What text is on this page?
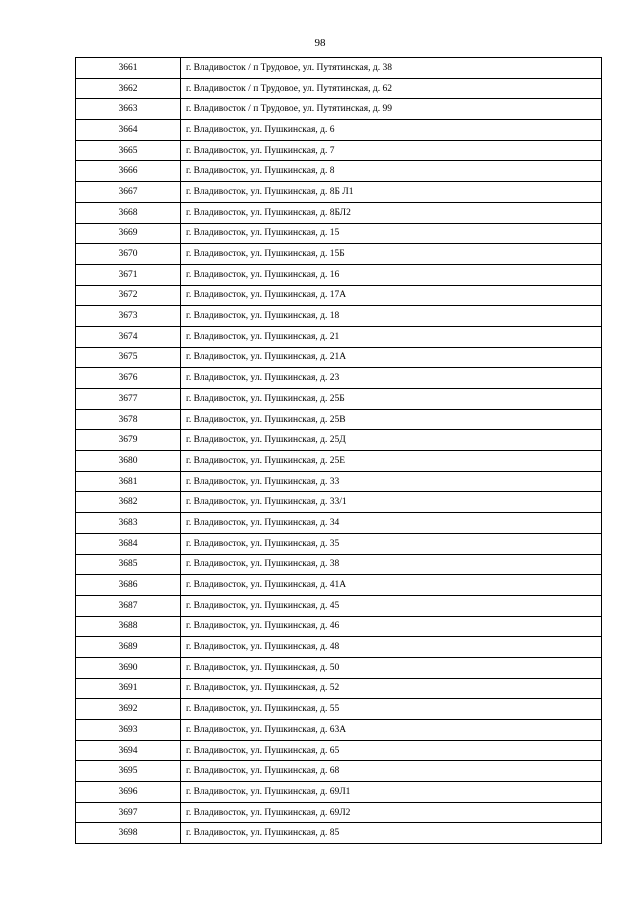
98
3661	г. Владивосток / п Трудовое, ул. Путятинская, д. 38
3662	г. Владивосток / п Трудовое, ул. Путятинская, д. 62
3663	г. Владивосток / п Трудовое, ул. Путятинская, д. 99
3664	г. Владивосток, ул. Пушкинская, д. 6
3665	г. Владивосток, ул. Пушкинская, д. 7
3666	г. Владивосток, ул. Пушкинская, д. 8
3667	г. Владивосток, ул. Пушкинская, д. 8Б Л1
3668	г. Владивосток, ул. Пушкинская, д. 8БЛ2
3669	г. Владивосток, ул. Пушкинская, д. 15
3670	г. Владивосток, ул. Пушкинская, д. 15Б
3671	г. Владивосток, ул. Пушкинская, д. 16
3672	г. Владивосток, ул. Пушкинская, д. 17А
3673	г. Владивосток, ул. Пушкинская, д. 18
3674	г. Владивосток, ул. Пушкинская, д. 21
3675	г. Владивосток, ул. Пушкинская, д. 21А
3676	г. Владивосток, ул. Пушкинская, д. 23
3677	г. Владивосток, ул. Пушкинская, д. 25Б
3678	г. Владивосток, ул. Пушкинская, д. 25В
3679	г. Владивосток, ул. Пушкинская, д. 25Д
3680	г. Владивосток, ул. Пушкинская, д. 25Е
3681	г. Владивосток, ул. Пушкинская, д. 33
3682	г. Владивосток, ул. Пушкинская, д. 33/1
3683	г. Владивосток, ул. Пушкинская, д. 34
3684	г. Владивосток, ул. Пушкинская, д. 35
3685	г. Владивосток, ул. Пушкинская, д. 38
3686	г. Владивосток, ул. Пушкинская, д. 41А
3687	г. Владивосток, ул. Пушкинская, д. 45
3688	г. Владивосток, ул. Пушкинская, д. 46
3689	г. Владивосток, ул. Пушкинская, д. 48
3690	г. Владивосток, ул. Пушкинская, д. 50
3691	г. Владивосток, ул. Пушкинская, д. 52
3692	г. Владивосток, ул. Пушкинская, д. 55
3693	г. Владивосток, ул. Пушкинская, д. 63А
3694	г. Владивосток, ул. Пушкинская, д. 65
3695	г. Владивосток, ул. Пушкинская, д. 68
3696	г. Владивосток, ул. Пушкинская, д. 69Л1
3697	г. Владивосток, ул. Пушкинская, д. 69Л2
3698	г. Владивосток, ул. Пушкинская, д. 85
